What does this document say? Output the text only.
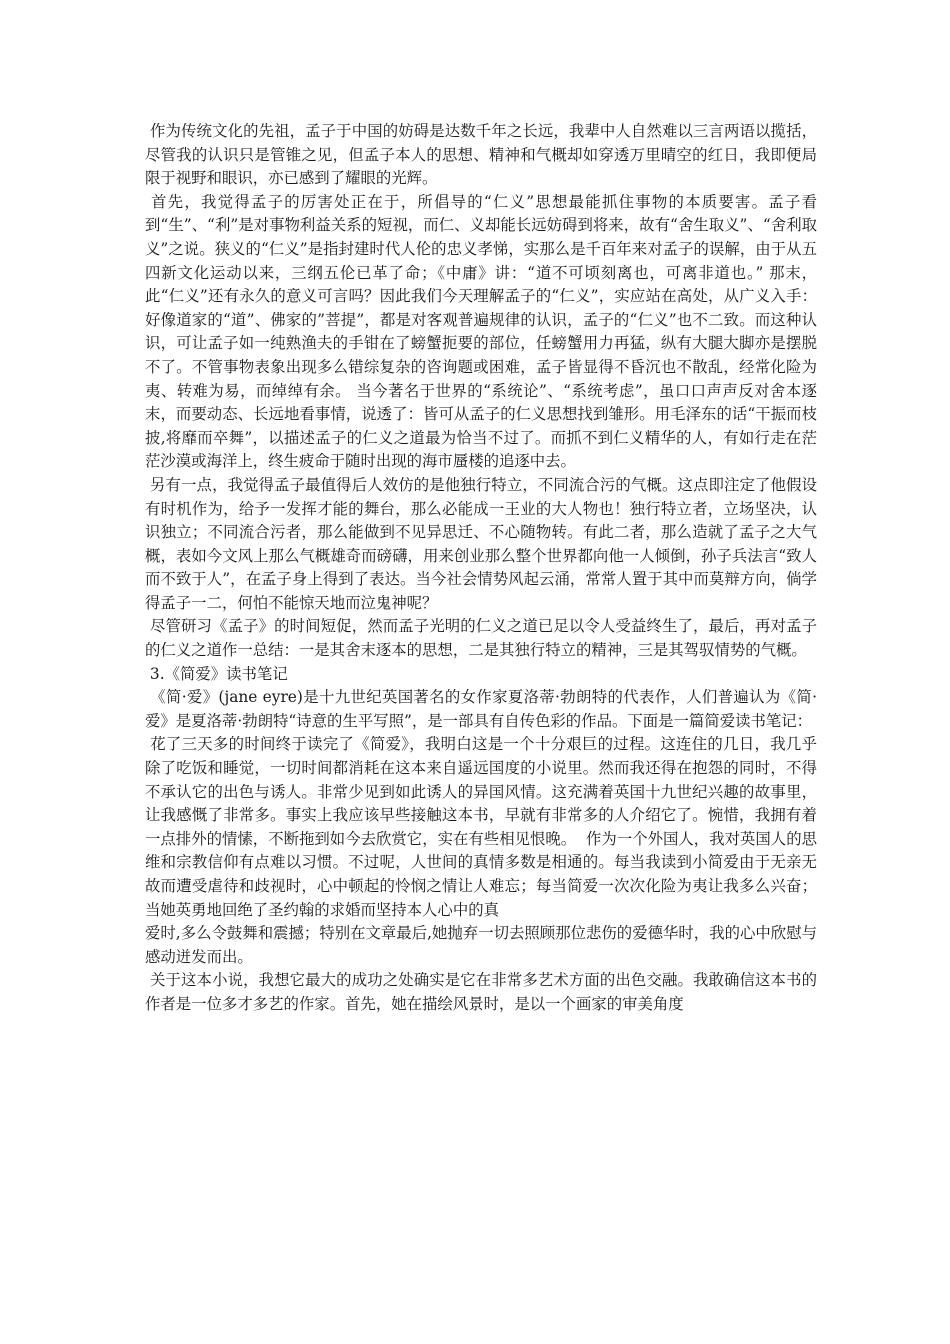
作为传统文化的先祖，孟子于中国的妨碍是达数千年之长远，我辈中人自然难以三言两语以揽括，尽管我的认识只是管锥之见，但孟子本人的思想、精神和气概却如穿透万里晴空的红日，我即便局限于视野和眼识，亦已感到了耀眼的光辉。

首先，我觉得孟子的厉害处正在于，所倡导的“仁义”思想最能抓住事物的本质要害。孟子看到“生”、“利”是对事物利益关系的短视，而仁、义却能长远妨碍到将来，故有“舍生取义”、“舍利取义”之说。狭义的“仁义”是指封建时代人伦的忠义孝悌，实那么是千百年来对孟子的误解，由于从五四新文化运动以来，三纲五伦已革了命；《中庸》讲：“道不可顷刻离也，可离非道也。” 那末，此“仁义”还有永久的意义可言吗？因此我们今天理解孟子的“仁义”，实应站在高处，从广义入手：好像道家的“道”、佛家的”菩提”，都是对客观普遍规律的认识，孟子的“仁义”也不二致。而这种认识，可让孟子如一纯熟渔夫的手钳在了螃蟹扼要的部位，任螃蟹用力再猛，纵有大腿大脚亦是摆脱不了。不管事物表象出现多么错综复杂的咨询题或困难，孟子皆显得不昏沉也不散乱，经常化险为夷、转难为易，而绰绰有余。 当今著名于世界的“系统论”、“系统考虑”，虽口口声声反对舍本逐末，而要动态、长远地看事情，说透了：皆可从孟子的仁义思想找到雏形。用毛泽东的话“干振而枝披,将靡而卒舞”，以描述孟子的仁义之道最为恰当不过了。而抓不到仁义精华的人，有如行走在茫茫沙漠或海洋上，终生疲命于随时出现的海市蜃楼的追逐中去。

另有一点，我觉得孟子最值得后人效仿的是他独行特立，不同流合污的气概。这点即注定了他假设有时机作为，给予一发挥才能的舞台，那么必能成一王业的大人物也！独行特立者，立场坚决，认识独立；不同流合污者，那么能做到不见异思迁、不心随物转。有此二者，那么造就了孟子之大气概，表如今文风上那么气概雄奇而磅礴，用来创业那么整个世界都向他一人倾倒，孙子兵法言“致人而不致于人”，在孟子身上得到了表达。当今社会情势风起云涌，常常人置于其中而莫辩方向，倘学得孟子一二，何怕不能惊天地而泣鬼神呢？

尽管研习《孟子》的时间短促，然而孟子光明的仁义之道已足以令人受益终生了，最后，再对孟子的仁义之道作一总结：一是其舍末逐本的思想，二是其独行特立的精神，三是其驾驭情势的气概。

3.《简爱》读书笔记

《简·爱》(jane eyre)是十九世纪英国著名的女作家夏洛蒂·勃朗特的代表作，人们普遍认为《简·爱》是夏洛蒂·勃朗特“诗意的生平写照”，是一部具有自传色彩的作品。下面是一篇简爱读书笔记：

花了三天多的时间终于读完了《简爱》，我明白这是一个十分艰巨的过程。这连住的几日，我几乎除了吃饭和睡觉，一切时间都消耗在这本来自遥远国度的小说里。然而我还得在抱怨的同时，不得不承认它的出色与诱人。非常少见到如此诱人的异国风情。这充满着英国十九世纪兴趣的故事里，让我感慨了非常多。事实上我应该早些接触这本书，早就有非常多的人介绍它了。惋惜，我拥有着一点排外的情愫，不断拖到如今去欣赏它，实在有些相见恨晚。  作为一个外国人，我对英国人的思维和宗教信仰有点难以习惯。不过呢，人世间的真情多数是相通的。每当我读到小简爱由于无亲无故而遭受虐待和歧视时，心中顿起的怜悯之情让人难忘；每当简爱一次次化险为夷让我多么兴奋；当她英勇地回绝了圣约翰的求婚而坚持本人心中的真

爱时,多么令鼓舞和震撼；特别在文章最后,她抛弃一切去照顾那位悲伤的爱德华时，我的心中欣慰与感动迸发而出。

关于这本小说，我想它最大的成功之处确实是它在非常多艺术方面的出色交融。我敢确信这本书的作者是一位多才多艺的作家。首先，她在描绘风景时，是以一个画家的审美角度
